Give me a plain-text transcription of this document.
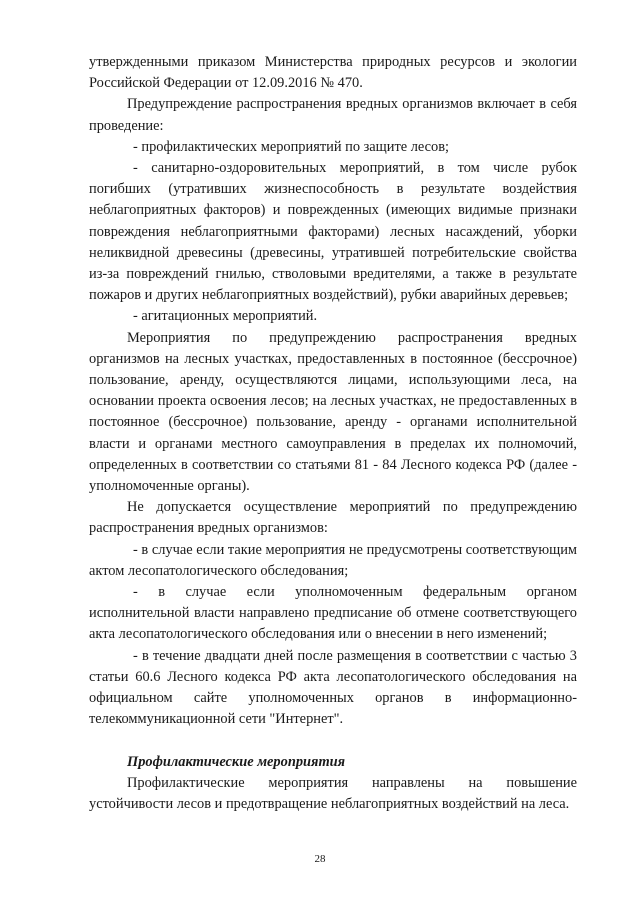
утвержденными приказом Министерства природных ресурсов и экологии Российской Федерации от 12.09.2016 № 470.

Предупреждение распространения вредных организмов включает в себя проведение:

- профилактических мероприятий по защите лесов;

- санитарно-оздоровительных мероприятий, в том числе рубок погибших (утративших жизнеспособность в результате воздействия неблагоприятных факторов) и поврежденных (имеющих видимые признаки повреждения неблагоприятными факторами) лесных насаждений, уборки неликвидной древесины (древесины, утратившей потребительские свойства из-за повреждений гнилью, стволовыми вредителями, а также в результате пожаров и других неблагоприятных воздействий), рубки аварийных деревьев;

- агитационных мероприятий.

Мероприятия по предупреждению распространения вредных организмов на лесных участках, предоставленных в постоянное (бессрочное) пользование, аренду, осуществляются лицами, использующими леса, на основании проекта освоения лесов; на лесных участках, не предоставленных в постоянное (бессрочное) пользование, аренду - органами исполнительной власти и органами местного самоуправления в пределах их полномочий, определенных в соответствии со статьями 81 - 84 Лесного кодекса РФ (далее - уполномоченные органы).

Не допускается осуществление мероприятий по предупреждению распространения вредных организмов:

- в случае если такие мероприятия не предусмотрены соответствующим актом лесопатологического обследования;

- в случае если уполномоченным федеральным органом исполнительной власти направлено предписание об отмене соответствующего акта лесопатологического обследования или о внесении в него изменений;

- в течение двадцати дней после размещения в соответствии с частью 3 статьи 60.6 Лесного кодекса РФ акта лесопатологического обследования на официальном сайте уполномоченных органов в информационно-телекоммуникационной сети "Интернет".

Профилактические мероприятия

Профилактические мероприятия направлены на повышение устойчивости лесов и предотвращение неблагоприятных воздействий на леса.

28
